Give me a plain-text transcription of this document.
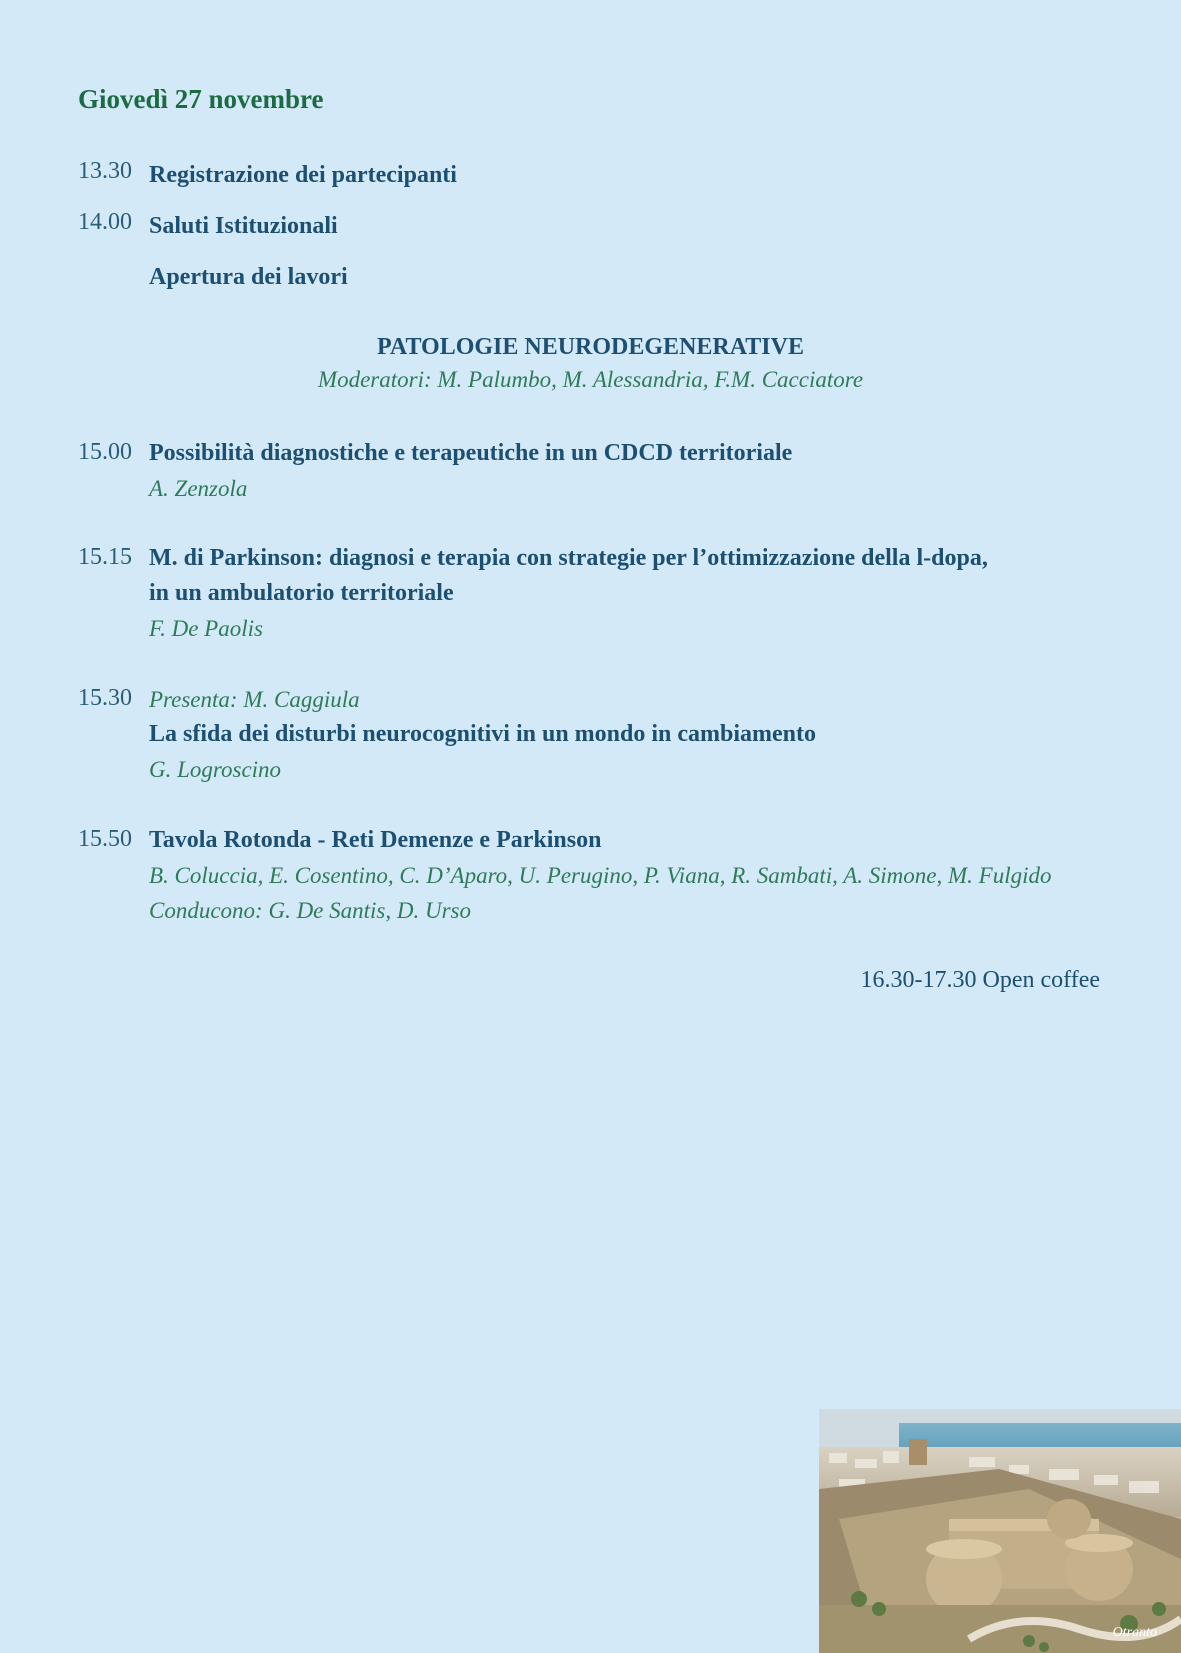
Giovedì 27 novembre
13.30 Registrazione dei partecipanti
14.00 Saluti Istituzionali
Apertura dei lavori
PATOLOGIE NEURODEGENERATIVE
Moderatori: M. Palumbo, M. Alessandria, F.M. Cacciatore
15.00 Possibilità diagnostiche e terapeutiche in un CDCD territoriale
A. Zenzola
15.15 M. di Parkinson: diagnosi e terapia con strategie per l’ottimizzazione della l-dopa,
in un ambulatorio territoriale
F. De Paolis
15.30 Presenta: M. Caggiula
La sfida dei disturbi neurocognitivi in un mondo in cambiamento
G. Logroscino
15.50 Tavola Rotonda - Reti Demenze e Parkinson
B. Coluccia, E. Cosentino, C. D’Aparo, U. Perugino, P. Viana, R. Sambati, A. Simone, M. Fulgido
Conducono: G. De Santis, D. Urso
16.30-17.30 Open coffee
Otranto
